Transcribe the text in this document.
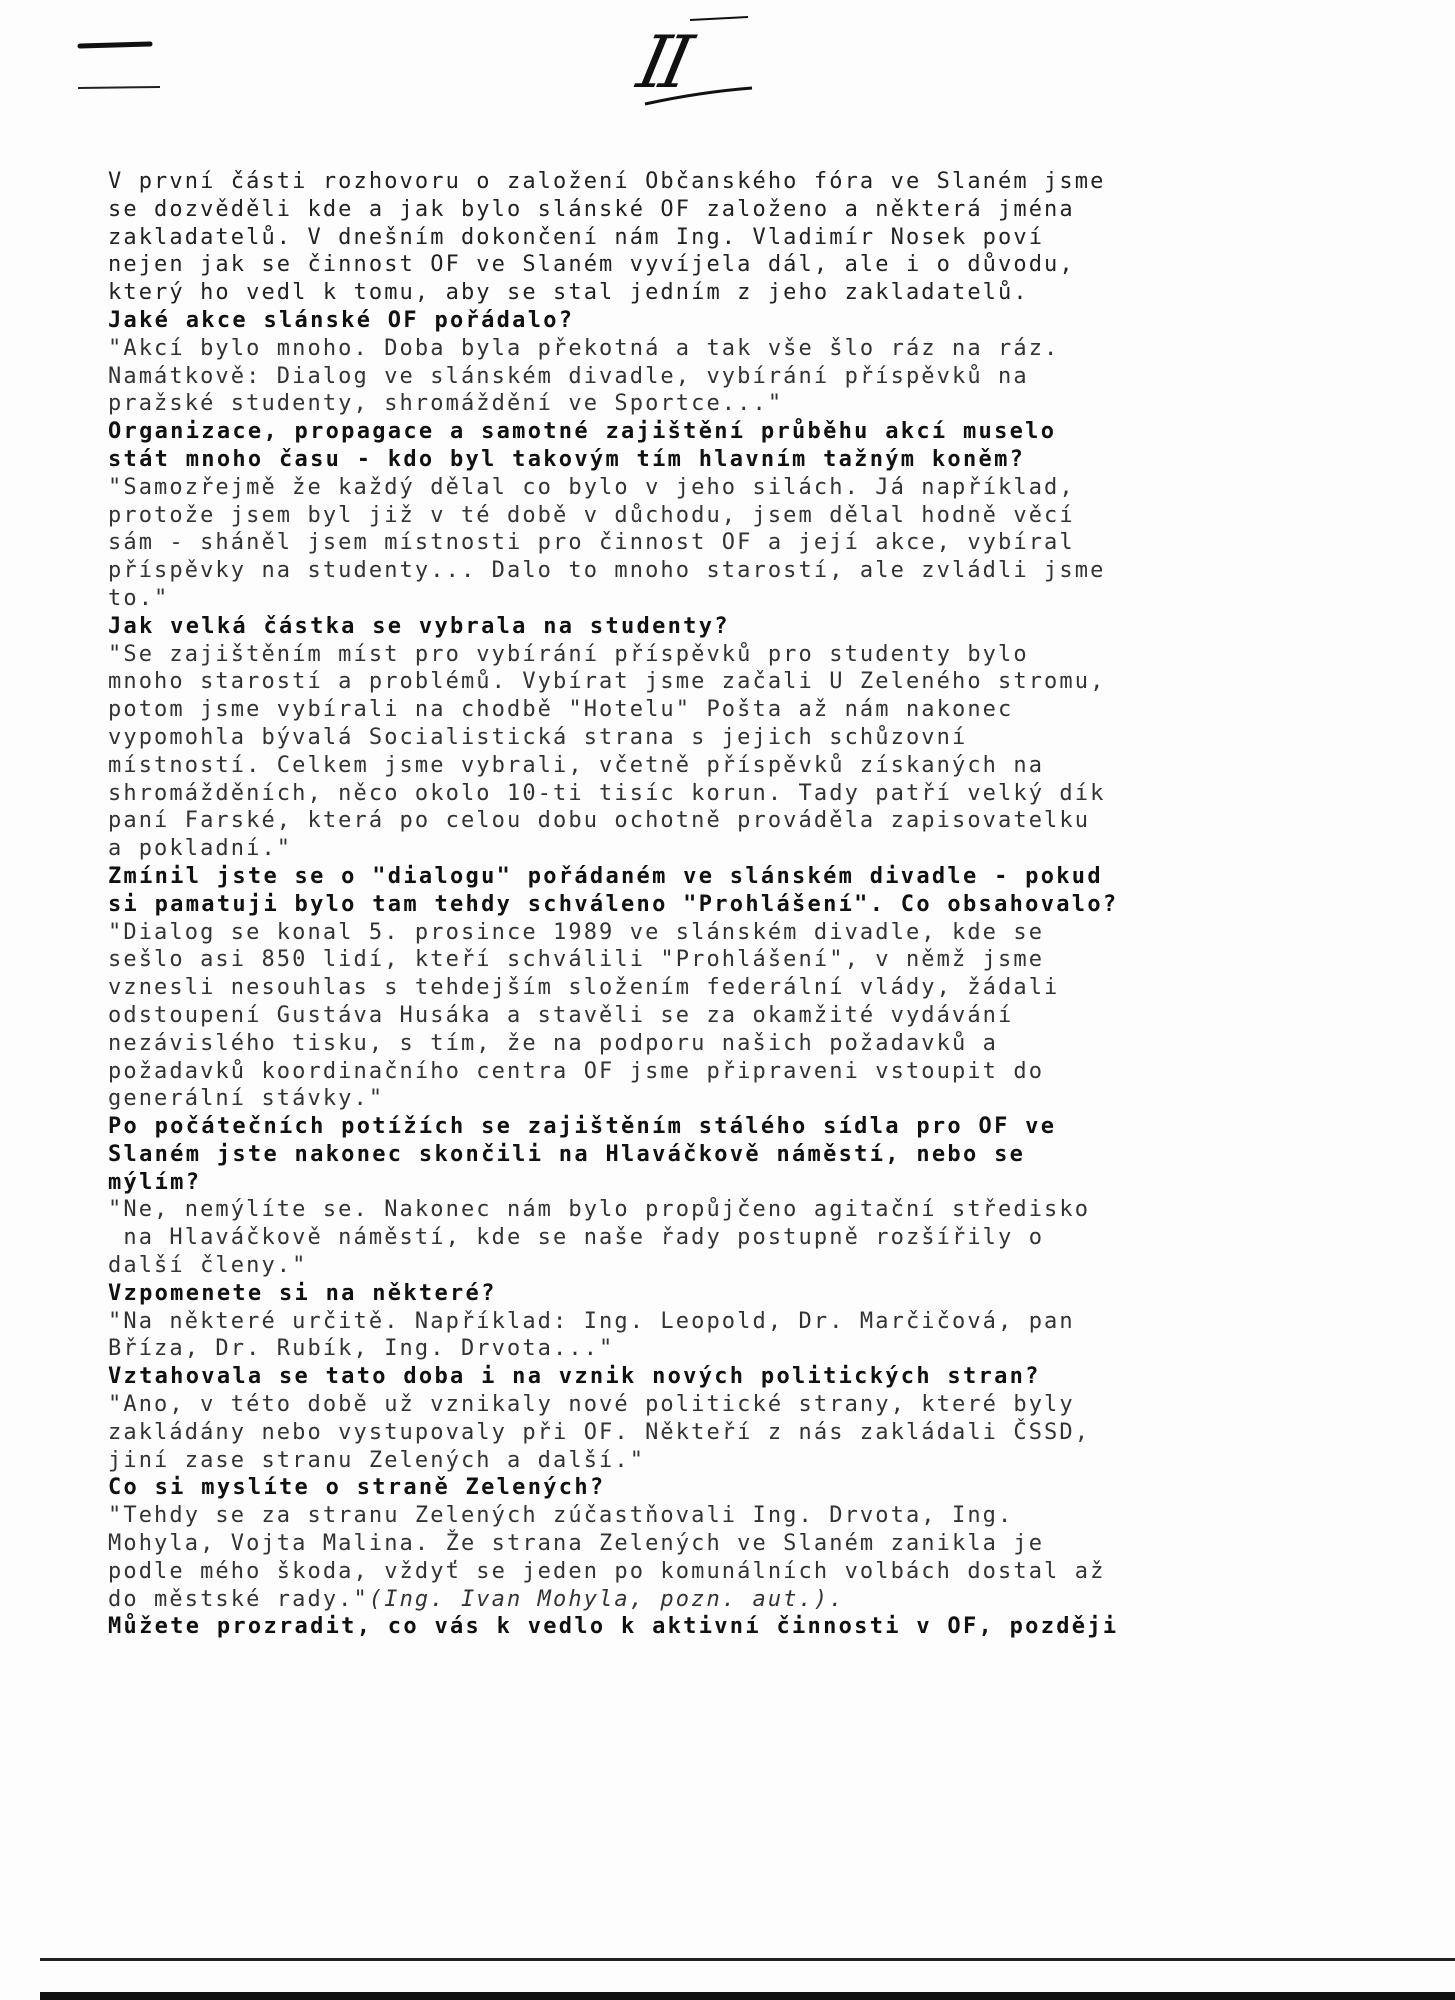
II

V první části rozhovoru o založení Občanského fóra ve Slaném jsme

se dozvěděli kde a jak bylo slánské OF založeno a některá jména

zakladatelů. V dnešním dokončení nám Ing. Vladimír Nosek poví

nejen jak se činnost OF ve Slaném vyvíjela dál, ale i o důvodu,

který ho vedl k tomu, aby se stal jedním z jeho zakladatelů.

Jaké akce slánské OF pořádalo?

"Akcí bylo mnoho. Doba byla překotná a tak vše šlo ráz na ráz.

Namátkově: Dialog ve slánském divadle, vybírání příspěvků na

pražské studenty, shromáždění ve Sportce..."

Organizace, propagace a samotné zajištění průběhu akcí muselo

stát mnoho času - kdo byl takovým tím hlavním tažným koněm?

"Samozřejmě že každý dělal co bylo v jeho silách. Já například,

protože jsem byl již v té době v důchodu, jsem dělal hodně věcí

sám - sháněl jsem místnosti pro činnost OF a její akce, vybíral

příspěvky na studenty... Dalo to mnoho starostí, ale zvládli jsme

to."

Jak velká částka se vybrala na studenty?

"Se zajištěním míst pro vybírání příspěvků pro studenty bylo

mnoho starostí a problémů. Vybírat jsme začali U Zeleného stromu,

potom jsme vybírali na chodbě "Hotelu" Pošta až nám nakonec

vypomohla bývalá Socialistická strana s jejich schůzovní

místností. Celkem jsme vybrali, včetně příspěvků získaných na

shromážděních, něco okolo 10-ti tisíc korun. Tady patří velký dík

paní Farské, která po celou dobu ochotně prováděla zapisovatelku

a pokladní."

Zmínil jste se o "dialogu" pořádaném ve slánském divadle - pokud

si pamatuji bylo tam tehdy schváleno "Prohlášení". Co obsahovalo?

"Dialog se konal 5. prosince 1989 ve slánském divadle, kde se

sešlo asi 850 lidí, kteří schválili "Prohlášení", v němž jsme

vznesli nesouhlas s tehdejším složením federální vlády, žádali

odstoupení Gustáva Husáka a stavěli se za okamžité vydávání

nezávislého tisku, s tím, že na podporu našich požadavků a

požadavků koordinačního centra OF jsme připraveni vstoupit do

generální stávky."

Po počátečních potížích se zajištěním stálého sídla pro OF ve

Slaném jste nakonec skončili na Hlaváčkově náměstí, nebo se

mýlím?

"Ne, nemýlíte se. Nakonec nám bylo propůjčeno agitační středisko

na Hlaváčkově náměstí, kde se naše řady postupně rozšířily o

další členy."

Vzpomenete si na některé?

"Na některé určitě. Například: Ing. Leopold, Dr. Marčičová, pan

Bříza, Dr. Rubík, Ing. Drvota..."

Vztahovala se tato doba i na vznik nových politických stran?

"Ano, v této době už vznikaly nové politické strany, které byly

zakládány nebo vystupovaly při OF. Někteří z nás zakládali ČSSD,

jiní zase stranu Zelených a další."

Co si myslíte o straně Zelených?

"Tehdy se za stranu Zelených zúčastňovali Ing. Drvota, Ing.

Mohyla, Vojta Malina. Že strana Zelených ve Slaném zanikla je

podle mého škoda, vždyť se jeden po komunálních volbách dostal až

do městské rady."(Ing. Ivan Mohyla, pozn. aut.).

Můžete prozradit, co vás k vedlo k aktivní činnosti v OF, později
